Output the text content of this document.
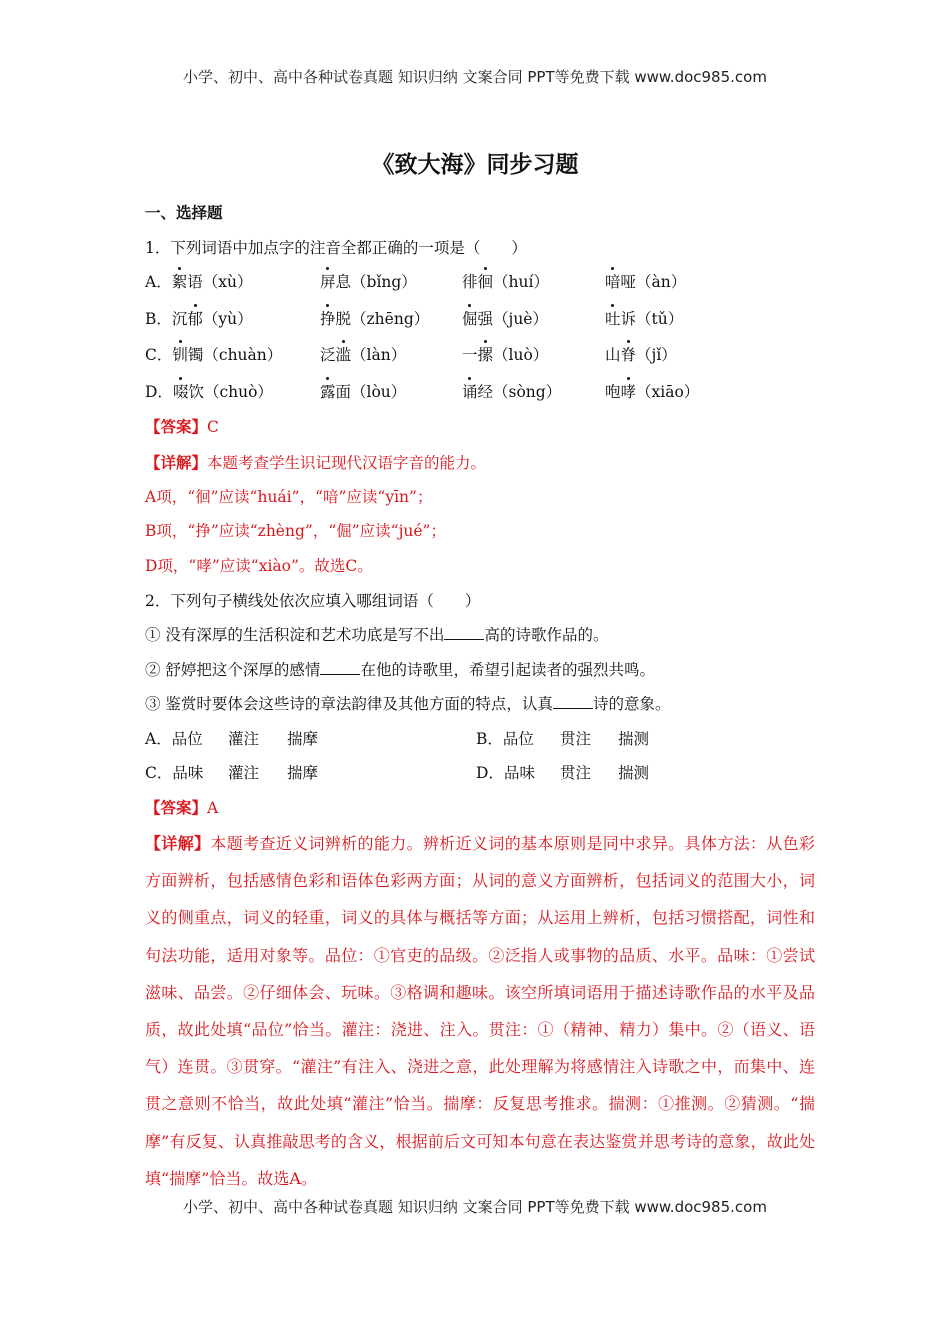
小学、初中、高中各种试卷真题 知识归纳 文案合同 PPT等免费下载 www.doc985.com
《致大海》同步习题
一、选择题
1．下列词语中加点字的注音全都正确的一项是（　　）
A．絮语（xù）	屏息（bǐng）	徘徊（huí）	喑哑（àn）
B．沉郁（yù）	挣脱（zhēng） 倔强（juè）	吐诉（tǔ）
C．钏镯（chuàn） 泛滥（làn）	一摞（luò）	山脊（jǐ）
D．啜饮（chuò）	露面（lòu）	诵经（sòng）	咆哮（xiāo）
【答案】C
【详解】本题考查学生识记现代汉语字音的能力。
A项，“徊”应读“huái”，“喑”应读“yīn”；
B项，“挣”应读“zhèng”，“倔”应读“jué”；
D项，“哮”应读“xiào”。故选C。
2．下列句子横线处依次应填入哪组词语（　　）
① 没有深厚的生活积淀和艺术功底是写不出	高的诗歌作品的。
② 舒婷把这个深厚的感情	在他的诗歌里，希望引起读者的强烈共鸣。
③ 鉴赏时要体会这些诗的章法韵律及其他方面的特点，认真	诗的意象。
A．品位 灌注 揣摩	B．品位 贯注 揣测
C．品味 灌注 揣摩	D．品味 贯注 揣测
【答案】A
【详解】本题考查近义词辨析的能力。辨析近义词的基本原则是同中求异。具体方法：从色彩方面辨析，包括感情色彩和语体色彩两方面；从词的意义方面辨析，包括词义的范围大小，词义的侧重点，词义的轻重，词义的具体与概括等方面；从运用上辨析，包括习惯搭配，词性和句法功能，适用对象等。品位：①官吏的品级。②泛指人或事物的品质、水平。品味：①尝试滋味、品尝。②仔细体会、玩味。③格调和趣味。该空所填词语用于描述诗歌作品的水平及品质，故此处填“品位”恰当。灌注：浇进、注入。贯注：①（精神、精力）集中。②（语义、语气）连贯。③贯穿。“灌注”有注入、浇进之意，此处理解为将感情注入诗歌之中，而集中、连贯之意则不恰当，故此处填“灌注”恰当。揣摩：反复思考推求。揣测：①推测。②猜测。“揣摩”有反复、认真推敲思考的含义，根据前后文可知本句意在表达鉴赏并思考诗的意象，故此处填“揣摩”恰当。故选A。
小学、初中、高中各种试卷真题 知识归纳 文案合同 PPT等免费下载 www.doc985.com
